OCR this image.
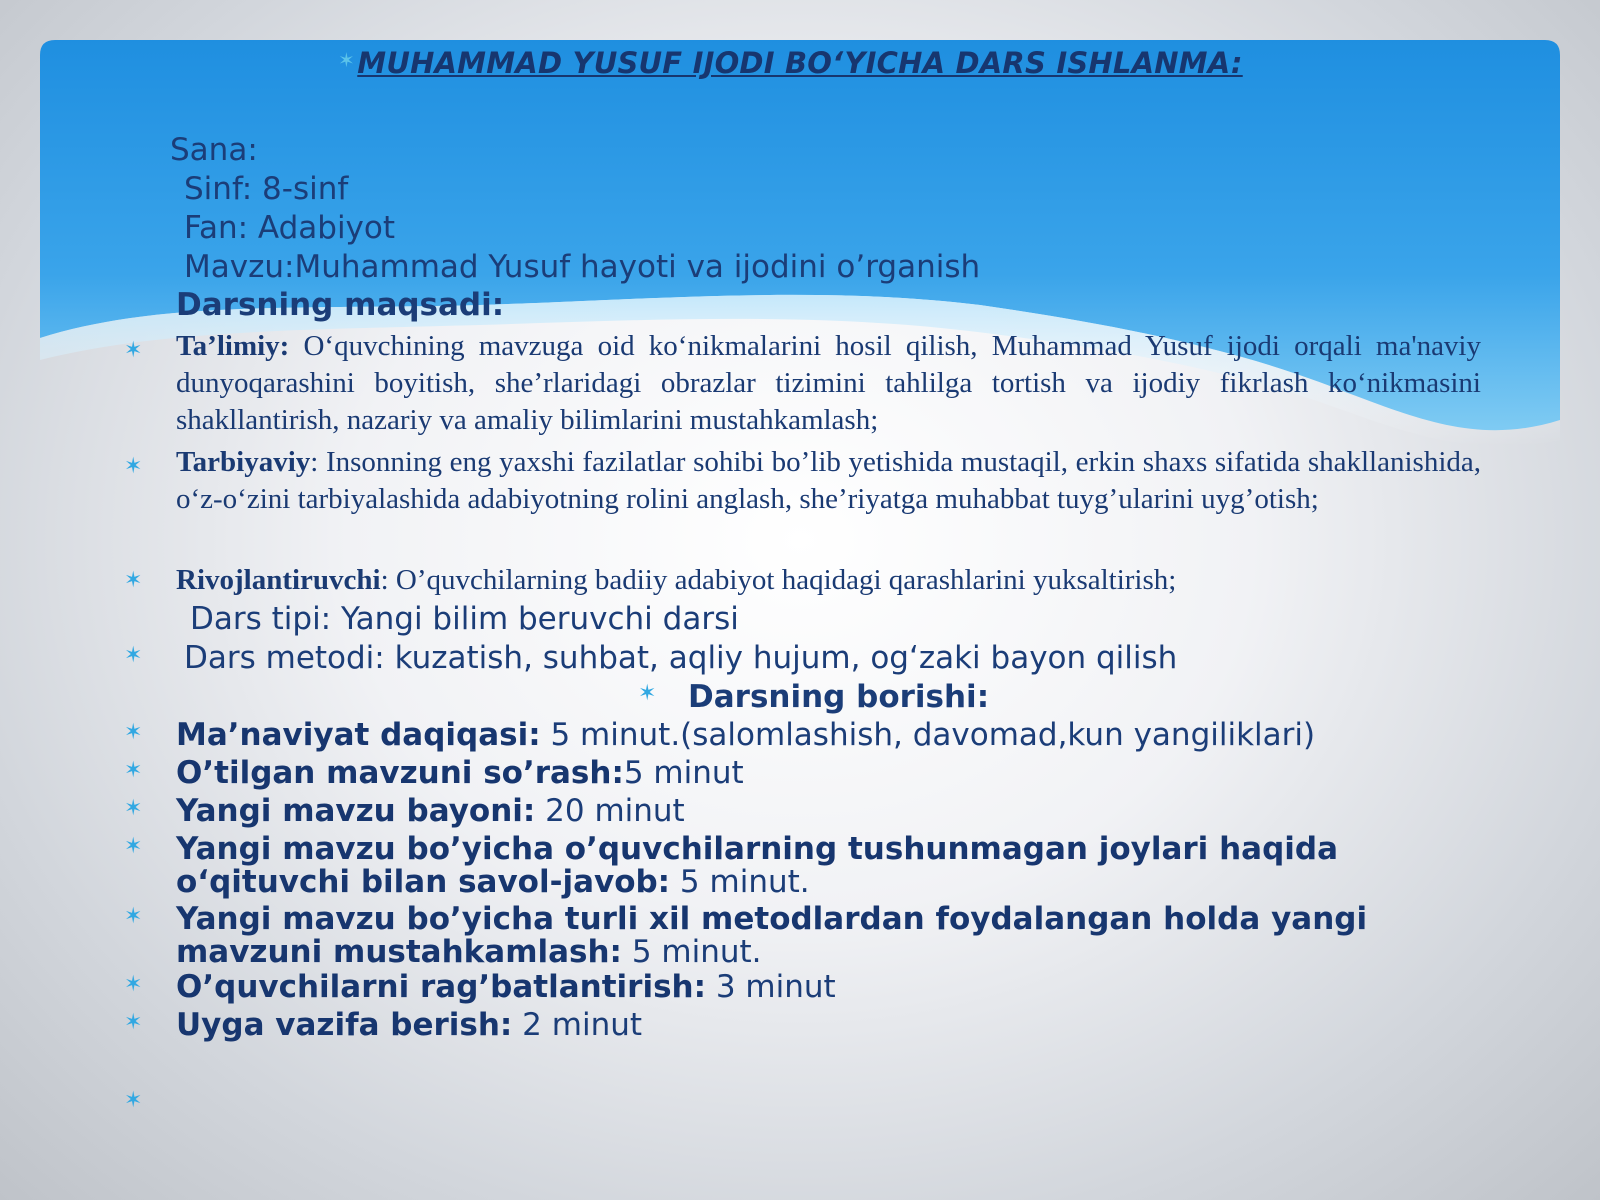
✶ MUHAMMAD YUSUF IJODI BO‘YICHA DARS ISHLANMA:

Sana:

Sinf: 8-sinf

Fan: Adabiyot

Mavzu:Muhammad Yusuf hayoti va ijodini o’rganish

Darsning maqsadi:

✶ Ta’limiy: O‘quvchining mavzuga oid ko‘nikmalarini hosil qilish, Muhammad Yusuf ijodi orqali ma'naviy dunyoqarashini boyitish, she’rlaridagi obrazlar tizimini tahlilga tortish va ijodiy fikrlash ko‘nikmasini shakllantirish, nazariy va amaliy bilimlarini mustahkamlash;

✶ Tarbiyaviy: Insonning eng yaxshi fazilatlar sohibi bo’lib yetishida mustaqil, erkin shaxs sifatida shakllanishida, o‘z-o‘zini tarbiyalashida adabiyotning rolini anglash, she’riyatga muhabbat tuyg’ularini uyg’otish;

✶ Rivojlantiruvchi: O’quvchilarning badiiy adabiyot haqidagi qarashlarini yuksaltirish;

Dars tipi: Yangi bilim beruvchi darsi

✶ Dars metodi: kuzatish, suhbat, aqliy hujum, og‘zaki bayon qilish

✶ Darsning borishi:

✶ Ma’naviyat daqiqasi: 5 minut.(salomlashish, davomad,kun yangiliklari)

✶ O’tilgan mavzuni so’rash:5 minut

✶ Yangi mavzu bayoni: 20 minut

✶ Yangi mavzu bo’yicha o’quvchilarning tushunmagan joylari haqida o‘qituvchi bilan savol-javob: 5 minut.

✶ Yangi mavzu bo’yicha turli xil metodlardan foydalangan holda yangi mavzuni mustahkamlash: 5 minut.

✶ O’quvchilarni rag’batlantirish: 3 minut

✶ Uyga vazifa berish: 2 minut

✶
